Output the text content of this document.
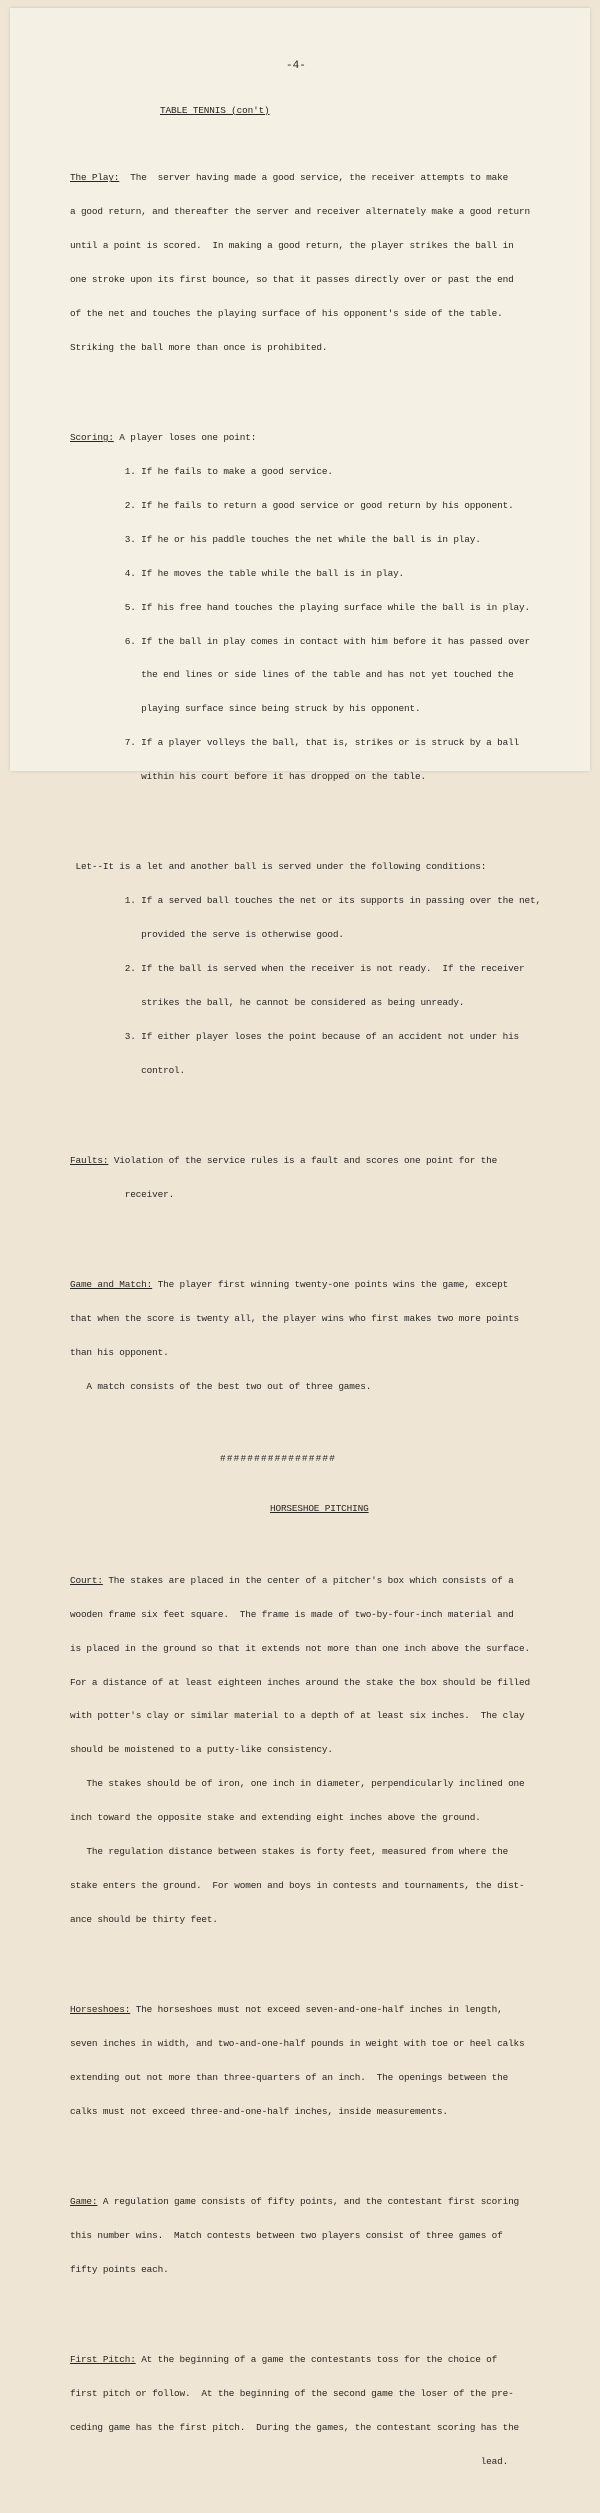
-4-

TABLE TENNIS (con't)

The Play:  The  server having made a good service, the receiver attempts to make

a good return, and thereafter the server and receiver alternately make a good return

until a point is scored.  In making a good return, the player strikes the ball in

one stroke upon its first bounce, so that it passes directly over or past the end

of the net and touches the playing surface of his opponent's side of the table.

Striking the ball more than once is prohibited.

Scoring: A player loses one point:

1. If he fails to make a good service.

2. If he fails to return a good service or good return by his opponent.

3. If he or his paddle touches the net while the ball is in play.

4. If he moves the table while the ball is in play.

5. If his free hand touches the playing surface while the ball is in play.

6. If the ball in play comes in contact with him before it has passed over

the end lines or side lines of the table and has not yet touched the

playing surface since being struck by his opponent.

7. If a player volleys the ball, that is, strikes or is struck by a ball

within his court before it has dropped on the table.

Let--It is a let and another ball is served under the following conditions:

1. If a served ball touches the net or its supports in passing over the net,

provided the serve is otherwise good.

2. If the ball is served when the receiver is not ready.  If the receiver

strikes the ball, he cannot be considered as being unready.

3. If either player loses the point because of an accident not under his

control.

Faults: Violation of the service rules is a fault and scores one point for the

receiver.

Game and Match: The player first winning twenty-one points wins the game, except

that when the score is twenty all, the player wins who first makes two more points

than his opponent.

A match consists of the best two out of three games.

#################

HORSESHOE PITCHING

Court: The stakes are placed in the center of a pitcher's box which consists of a

wooden frame six feet square.  The frame is made of two-by-four-inch material and

is placed in the ground so that it extends not more than one inch above the surface.

For a distance of at least eighteen inches around the stake the box should be filled

with potter's clay or similar material to a depth of at least six inches.  The clay

should be moistened to a putty-like consistency.

The stakes should be of iron, one inch in diameter, perpendicularly inclined one

inch toward the opposite stake and extending eight inches above the ground.

The regulation distance between stakes is forty feet, measured from where the

stake enters the ground.  For women and boys in contests and tournaments, the dist-

ance should be thirty feet.

Horseshoes: The horseshoes must not exceed seven-and-one-half inches in length,

seven inches in width, and two-and-one-half pounds in weight with toe or heel calks

extending out not more than three-quarters of an inch.  The openings between the

calks must not exceed three-and-one-half inches, inside measurements.

Game: A regulation game consists of fifty points, and the contestant first scoring

this number wins.  Match contests between two players consist of three games of

fifty points each.

First Pitch: At the beginning of a game the contestants toss for the choice of

first pitch or follow.  At the beginning of the second game the loser of the pre-

ceding game has the first pitch.  During the games, the contestant scoring has the

lead.
